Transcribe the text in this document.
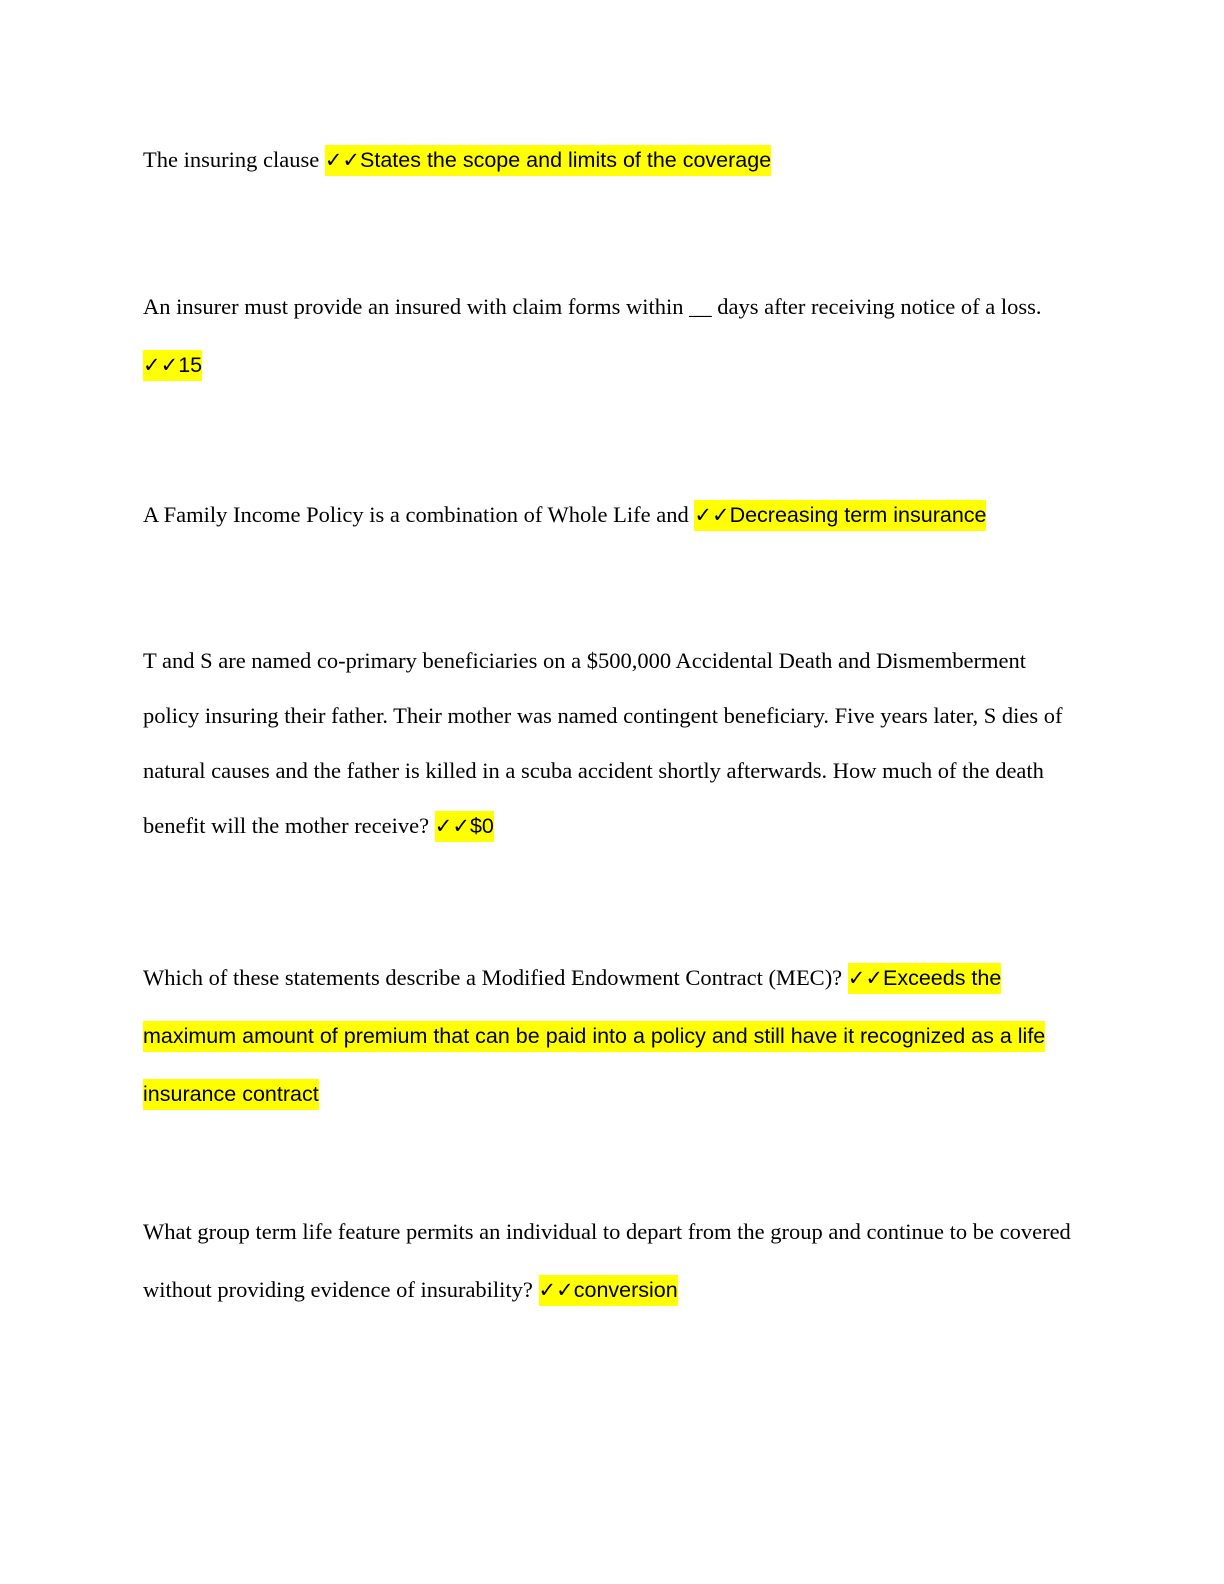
The insuring clause ✓✓States the scope and limits of the coverage

An insurer must provide an insured with claim forms within __ days after receiving notice of a loss. ✓✓15

A Family Income Policy is a combination of Whole Life and ✓✓Decreasing term insurance

T and S are named co-primary beneficiaries on a $500,000 Accidental Death and Dismemberment policy insuring their father. Their mother was named contingent beneficiary. Five years later, S dies of natural causes and the father is killed in a scuba accident shortly afterwards. How much of the death benefit will the mother receive? ✓✓$0

Which of these statements describe a Modified Endowment Contract (MEC)? ✓✓Exceeds the maximum amount of premium that can be paid into a policy and still have it recognized as a life insurance contract

What group term life feature permits an individual to depart from the group and continue to be covered without providing evidence of insurability? ✓✓conversion
